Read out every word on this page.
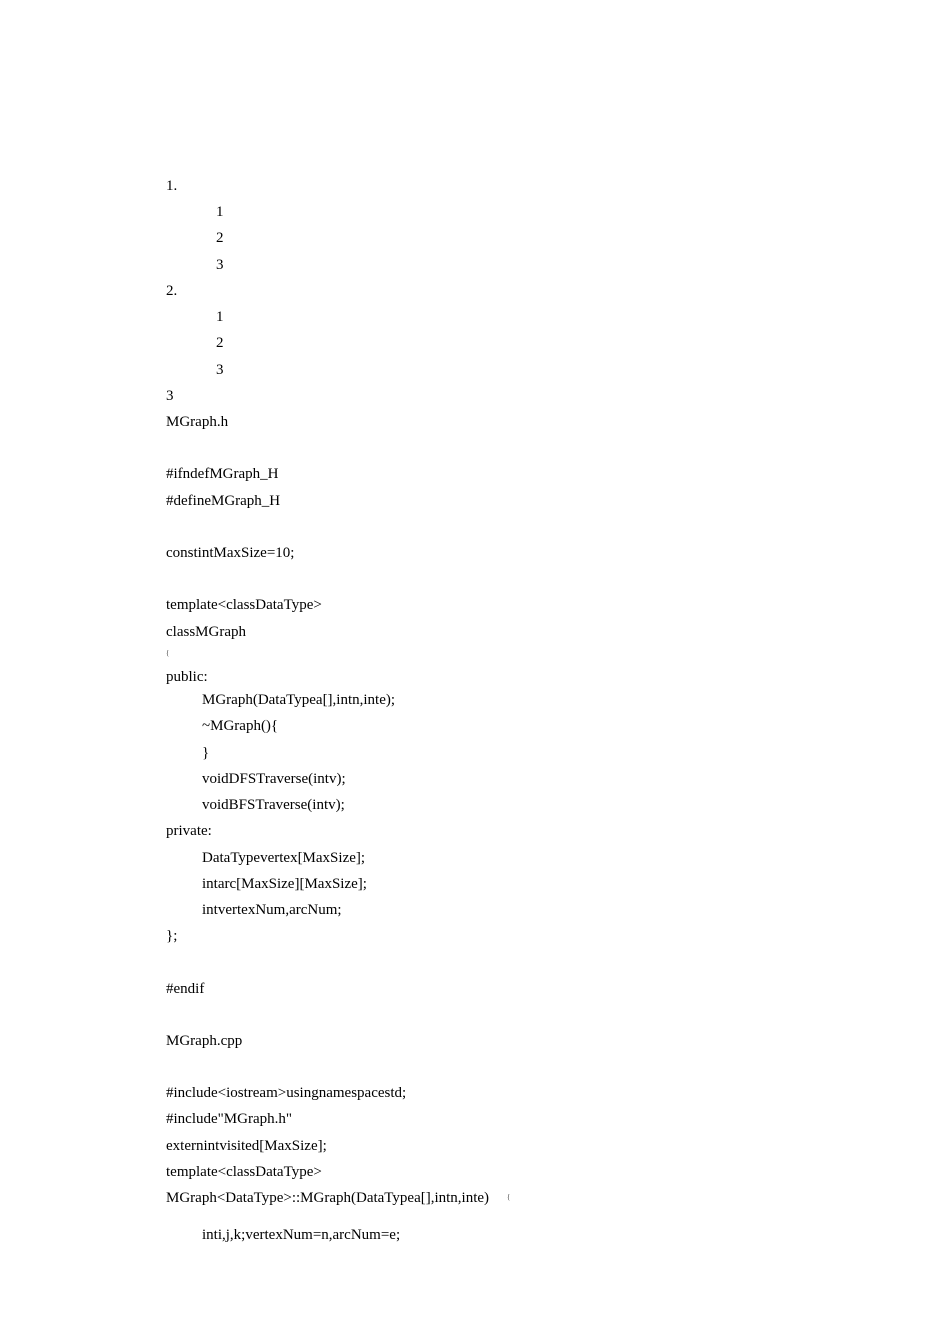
1.
1
2
3
2.
1
2
3
3
MGraph.h
#ifndefMGraph_H
#defineMGraph_H
constintMaxSize=10;
template<classDataType>
classMGraph
{
public:
MGraph(DataTypea[],intn,inte);
~MGraph(){
}
voidDFSTraverse(intv);
voidBFSTraverse(intv);
private:
DataTypevertex[MaxSize];
intarc[MaxSize][MaxSize];
intvertexNum,arcNum;
};
#endif
MGraph.cpp
#include<iostream>usingnamespacestd;
#include"MGraph.h"
externintvisited[MaxSize];
template<classDataType>
MGraph<DataType>::MGraph(DataTypea[],intn,inte)	{
inti,j,k;vertexNum=n,arcNum=e;
